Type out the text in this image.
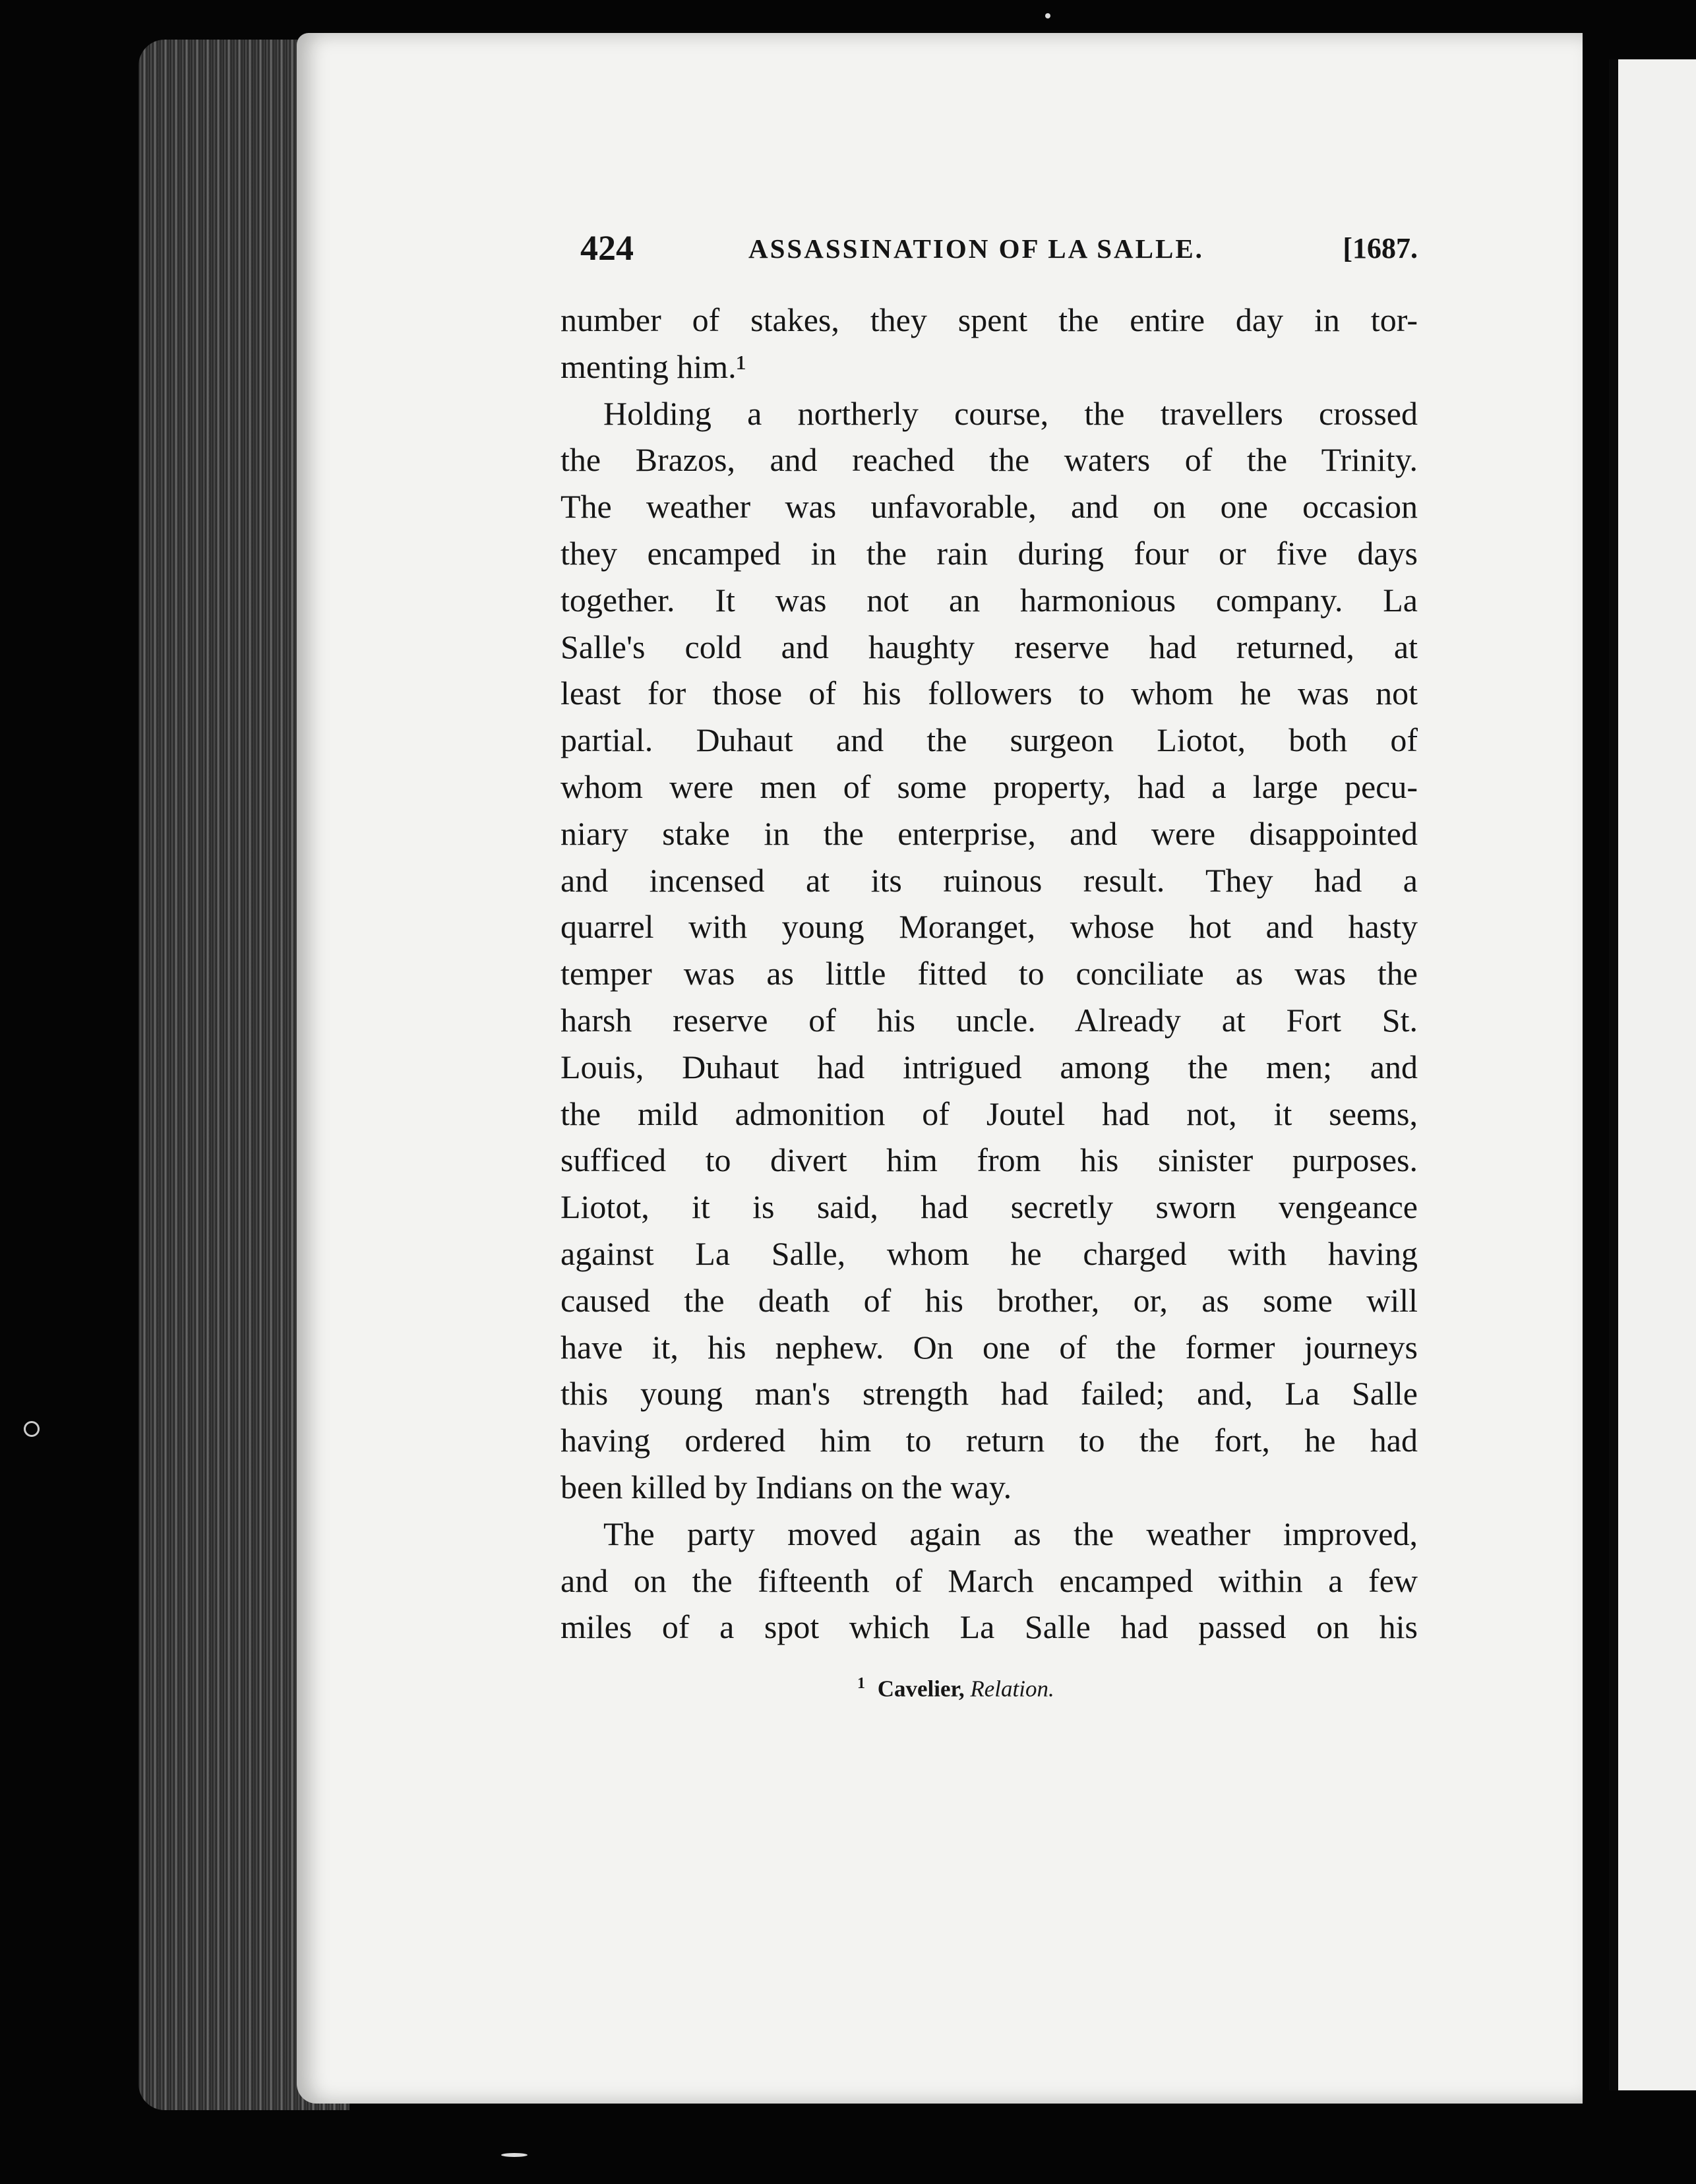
424	ASSASSINATION OF LA SALLE.	[1687.
number of stakes, they spent the entire day in tor-
menting him.¹
Holding a northerly course, the travellers crossed
the Brazos, and reached the waters of the Trinity.
The weather was unfavorable, and on one occasion
they encamped in the rain during four or five days
together. It was not an harmonious company. La
Salle's cold and haughty reserve had returned, at
least for those of his followers to whom he was not
partial. Duhaut and the surgeon Liotot, both of
whom were men of some property, had a large pecu-
niary stake in the enterprise, and were disappointed
and incensed at its ruinous result. They had a
quarrel with young Moranget, whose hot and hasty
temper was as little fitted to conciliate as was the
harsh reserve of his uncle. Already at Fort St.
Louis, Duhaut had intrigued among the men; and
the mild admonition of Joutel had not, it seems,
sufficed to divert him from his sinister purposes.
Liotot, it is said, had secretly sworn vengeance
against La Salle, whom he charged with having
caused the death of his brother, or, as some will
have it, his nephew. On one of the former journeys
this young man's strength had failed; and, La Salle
having ordered him to return to the fort, he had
been killed by Indians on the way.
The party moved again as the weather improved,
and on the fifteenth of March encamped within a few
miles of a spot which La Salle had passed on his
$^1$ Cavelier, Relation.
